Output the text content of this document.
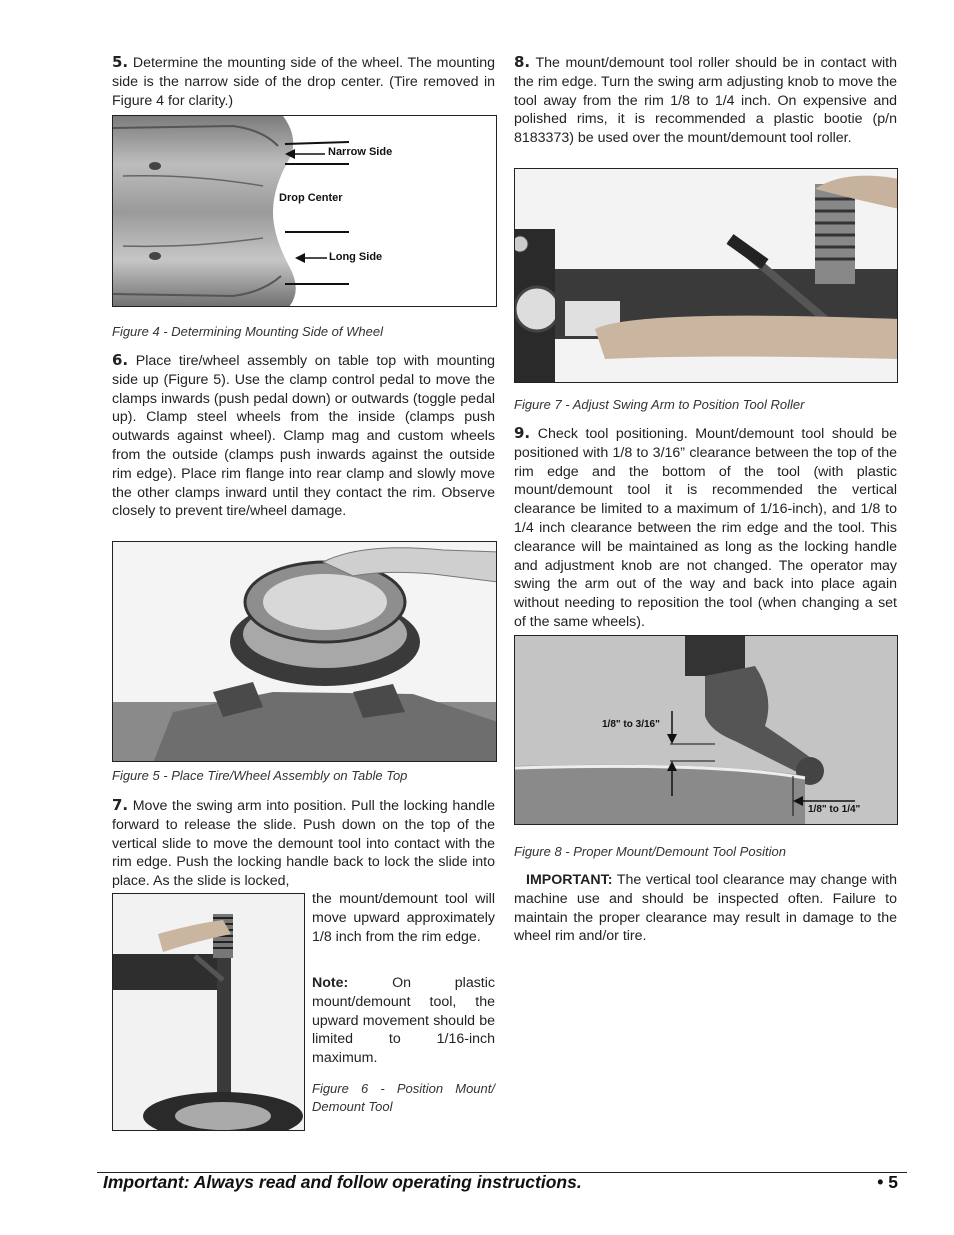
5. Determine the mounting side of the wheel. The mounting side is the narrow side of the drop center. (Tire removed in Figure 4 for clarity.)

Narrow Side
Drop Center
Long Side

Figure 4 - Determining Mounting Side of Wheel

6. Place tire/wheel assembly on table top with mounting side up (Figure 5). Use the clamp control pedal to move the clamps inwards (push pedal down) or outwards (toggle pedal up). Clamp steel wheels from the inside (clamps push outwards against wheel). Clamp mag and custom wheels from the outside (clamps push inwards against the outside rim edge). Place rim flange into rear clamp and slowly move the other clamps inward until they contact the rim. Observe closely to prevent tire/wheel damage.

Figure 5 - Place Tire/Wheel Assembly on Table Top

7. Move the swing arm into position. Pull the locking handle forward to release the slide. Push down on the top of the vertical slide to move the demount tool into contact with the rim edge. Push the locking handle back to lock the slide into place. As the slide is locked,

the mount/demount tool will move upward approximately 1/8 inch from the rim edge.

Note:	On plastic mount/demount tool, the upward movement should be limited to 1/16-inch maximum.

Figure 6 - Position Mount/ Demount Tool

8. The mount/demount tool roller should be in contact with the rim edge. Turn the swing arm adjusting knob to move the tool away from the rim 1/8 to 1/4 inch. On expensive and polished rims, it is recommended a plastic bootie (p/n 8183373) be used over the mount/demount tool roller.

Figure 7 - Adjust Swing Arm to Position Tool Roller

9. Check tool positioning. Mount/demount tool should be positioned with 1/8 to 3/16” clearance between the top of the rim edge and the bottom of the tool (with plastic mount/demount tool it is recommended the vertical clearance be limited to a maximum of 1/16-inch), and 1/8 to 1/4 inch clearance between the rim edge and the tool. This clearance will be maintained as long as the locking handle and adjustment knob are not changed. The operator may swing the arm out of the way and back into place again without needing to reposition the tool (when changing a set of the same wheels).

1/8" to 3/16"
1/8" to 1/4"

Figure 8 - Proper Mount/Demount Tool Position

IMPORTANT: The vertical tool clearance may change with machine use and should be inspected often. Failure to maintain the proper clearance may result in damage to the wheel rim and/or tire.

Important: Always read and follow operating instructions.	• 5
